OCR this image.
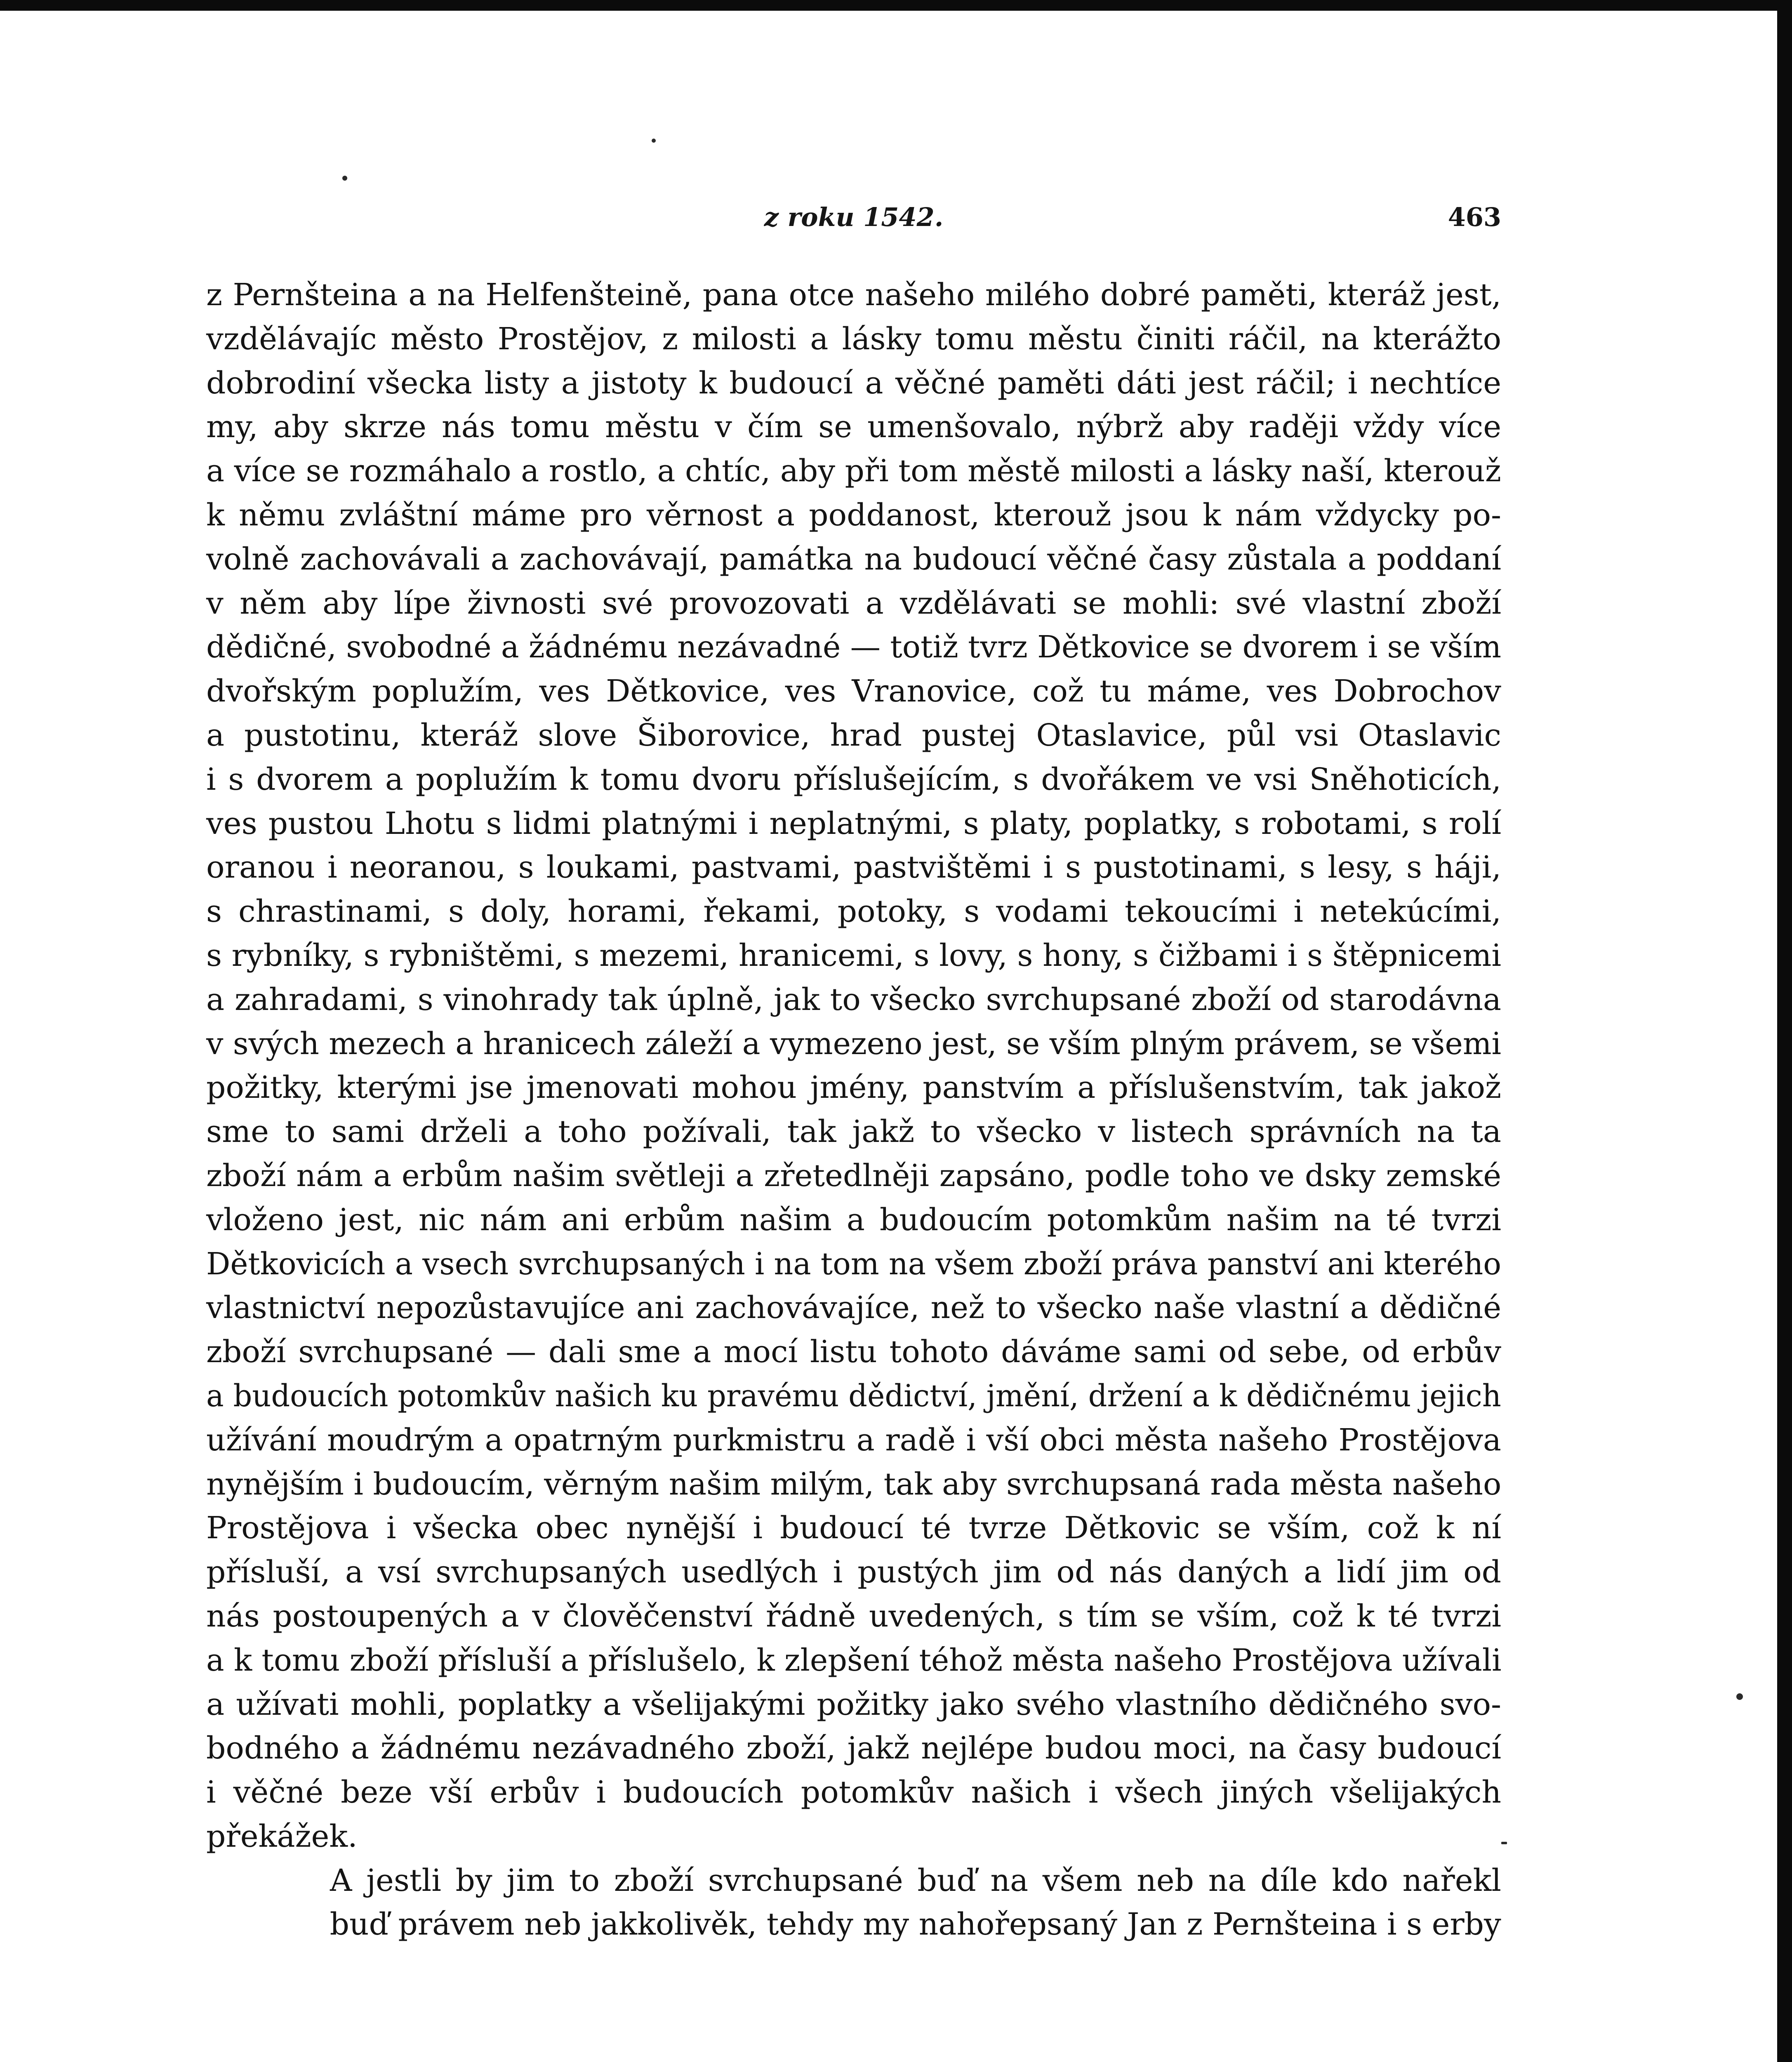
z roku 1542.	463
z Pernšteina a na Helfenšteině, pana otce našeho milého dobré paměti, kteráž jest,
vzdělávajíc město Prostějov, z milosti a lásky tomu městu činiti ráčil, na kterážto
dobrodiní všecka listy a jistoty k budoucí a věčné paměti dáti jest ráčil; i nechtíce
my, aby skrze nás tomu městu v čím se umenšovalo, nýbrž aby raději vždy více
a více se rozmáhalo a rostlo, a chtíc, aby při tom městě milosti a lásky naší, kterouž
k němu zvláštní máme pro věrnost a poddanost, kterouž jsou k nám vždycky po-
volně zachovávali a zachovávají, památka na budoucí věčné časy zůstala a poddaní
v něm aby lípe živnosti své provozovati a vzdělávati se mohli: své vlastní zboží
dědičné, svobodné a žádnému nezávadné — totiž tvrz Dětkovice se dvorem i se vším
dvořským poplužím, ves Dětkovice, ves Vranovice, což tu máme, ves Dobrochov
a pustotinu, kteráž slove Šiborovice, hrad pustej Otaslavice, půl vsi Otaslavic
i s dvorem a poplužím k tomu dvoru příslušejícím, s dvořákem ve vsi Sněhoticích,
ves pustou Lhotu s lidmi platnými i neplatnými, s platy, poplatky, s robotami, s rolí
oranou i neoranou, s loukami, pastvami, pastvištěmi i s pustotinami, s lesy, s háji,
s chrastinami, s doly, horami, řekami, potoky, s vodami tekoucími i netekúcími,
s rybníky, s rybništěmi, s mezemi, hranicemi, s lovy, s hony, s čižbami i s štěpnicemi
a zahradami, s vinohrady tak úplně, jak to všecko svrchupsané zboží od starodávna
v svých mezech a hranicech záleží a vymezeno jest, se vším plným právem, se všemi
požitky, kterými jse jmenovati mohou jmény, panstvím a příslušenstvím, tak jakož
sme to sami drželi a toho požívali, tak jakž to všecko v listech správních na ta
zboží nám a erbům našim světleji a zřetedlněji zapsáno, podle toho ve dsky zemské
vloženo jest, nic nám ani erbům našim a budoucím potomkům našim na té tvrzi
Dětkovicích a vsech svrchupsaných i na tom na všem zboží práva panství ani kterého
vlastnictví nepozůstavujíce ani zachovávajíce, než to všecko naše vlastní a dědičné
zboží svrchupsané — dali sme a mocí listu tohoto dáváme sami od sebe, od erbův
a budoucích potomkův našich ku pravému dědictví, jmění, držení a k dědičnému jejich
užívání moudrým a opatrným purkmistru a radě i vší obci města našeho Prostějova
nynějším i budoucím, věrným našim milým, tak aby svrchupsaná rada města našeho
Prostějova i všecka obec nynější i budoucí té tvrze Dětkovic se vším, což k ní
přísluší, a vsí svrchupsaných usedlých i pustých jim od nás daných a lidí jim od
nás postoupených a v člověčenství řádně uvedených, s tím se vším, což k té tvrzi
a k tomu zboží přísluší a příslušelo, k zlepšení téhož města našeho Prostějova užívali
a užívati mohli, poplatky a všelijakými požitky jako svého vlastního dědičného svo-
bodného a žádnému nezávadného zboží, jakž nejlépe budou moci, na časy budoucí
i věčné beze vší erbův i budoucích potomkův našich i všech jiných všelijakých
překážek.
A jestli by jim to zboží svrchupsané buď na všem neb na díle kdo nařekl
buď právem neb jakkolivěk, tehdy my nahořepsaný Jan z Pernšteina i s erby
